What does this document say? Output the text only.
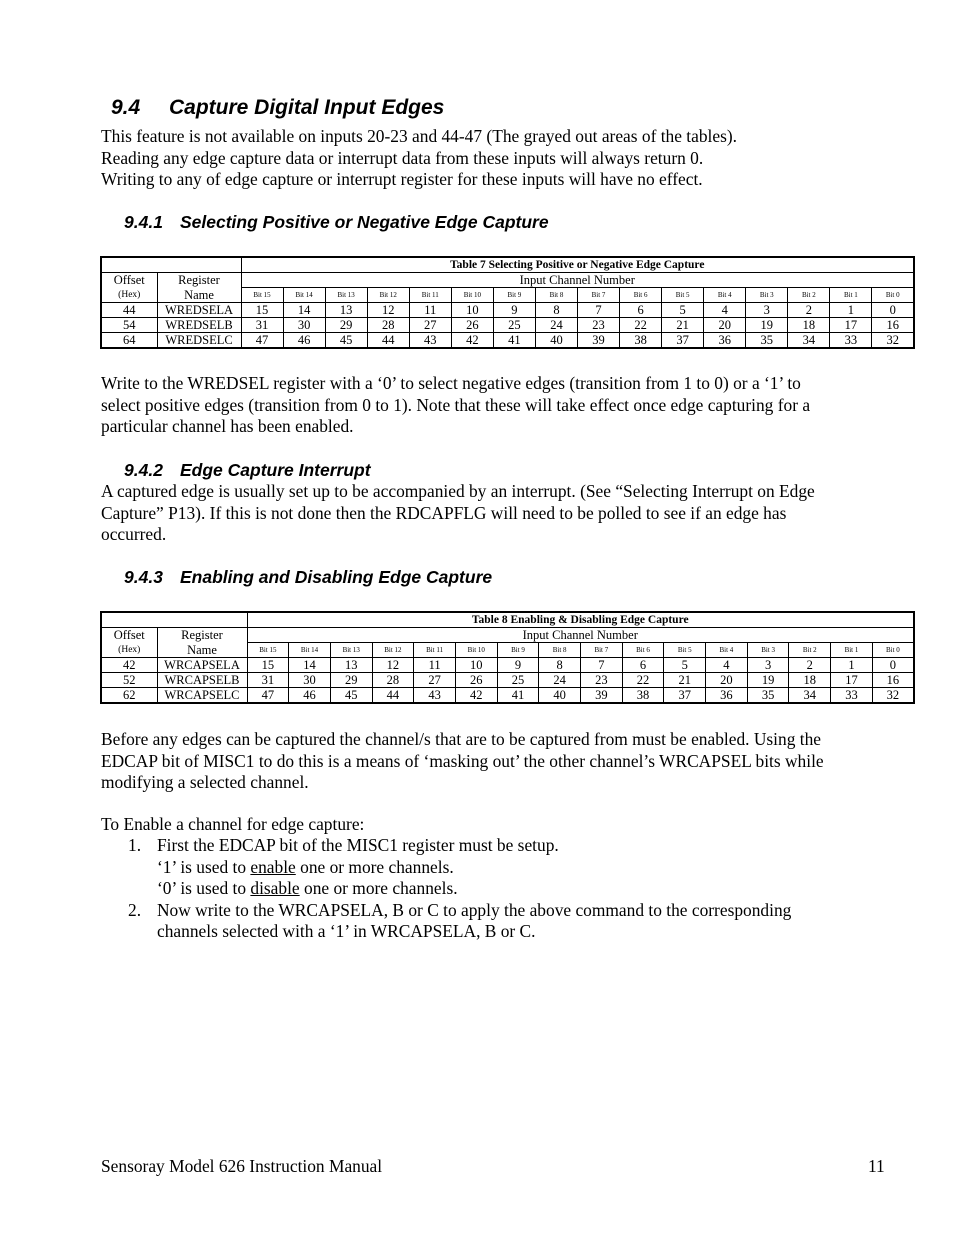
9.4 Capture Digital Input Edges
This feature is not available on inputs 20-23 and 44-47 (The grayed out areas of the tables).
Reading any edge capture data or interrupt data from these inputs will always return 0.
Writing to any of edge capture or interrupt register for these inputs will have no effect.
9.4.1 Selecting Positive or Negative Edge Capture
		Table 7 Selecting Positive or Negative Edge Capture															
Offset	Register	Input Channel Number															
(Hex)	Name	Bit 15	Bit 14	Bit 13	Bit 12	Bit 11	Bit 10	Bit 9	Bit 8	Bit 7	Bit 6	Bit 5	Bit 4	Bit 3	Bit 2	Bit 1	Bit 0
44	WREDSELA	15	14	13	12	11	10	9	8	7	6	5	4	3	2	1	0
54	WREDSELB	31	30	29	28	27	26	25	24	23	22	21	20	19	18	17	16
64	WREDSELC	47	46	45	44	43	42	41	40	39	38	37	36	35	34	33	32
Write to the WREDSEL register with a ‘0’ to select negative edges (transition from 1 to 0) or a ‘1’ to
select positive edges (transition from 0 to 1). Note that these will take effect once edge capturing for a
particular channel has been enabled.
9.4.2 Edge Capture Interrupt
A captured edge is usually set up to be accompanied by an interrupt. (See “Selecting Interrupt on Edge
Capture” P13). If this is not done then the RDCAPFLG will need to be polled to see if an edge has
occurred.
9.4.3 Enabling and Disabling Edge Capture
		Table 8 Enabling & Disabling Edge Capture															
Offset	Register	Input Channel Number															
(Hex)	Name	Bit 15	Bit 14	Bit 13	Bit 12	Bit 11	Bit 10	Bit 9	Bit 8	Bit 7	Bit 6	Bit 5	Bit 4	Bit 3	Bit 2	Bit 1	Bit 0
42	WRCAPSELA	15	14	13	12	11	10	9	8	7	6	5	4	3	2	1	0
52	WRCAPSELB	31	30	29	28	27	26	25	24	23	22	21	20	19	18	17	16
62	WRCAPSELC	47	46	45	44	43	42	41	40	39	38	37	36	35	34	33	32
Before any edges can be captured the channel/s that are to be captured from must be enabled. Using the
EDCAP bit of MISC1 to do this is a means of ‘masking out’ the other channel’s WRCAPSEL bits while
modifying a selected channel.
To Enable a channel for edge capture:
1. First the EDCAP bit of the MISC1 register must be setup.
‘1’ is used to enable one or more channels.
‘0’ is used to disable one or more channels.
2. Now write to the WRCAPSELA, B or C to apply the above command to the corresponding
channels selected with a ‘1’ in WRCAPSELA, B or C.
Sensoray Model 626 Instruction Manual	11
